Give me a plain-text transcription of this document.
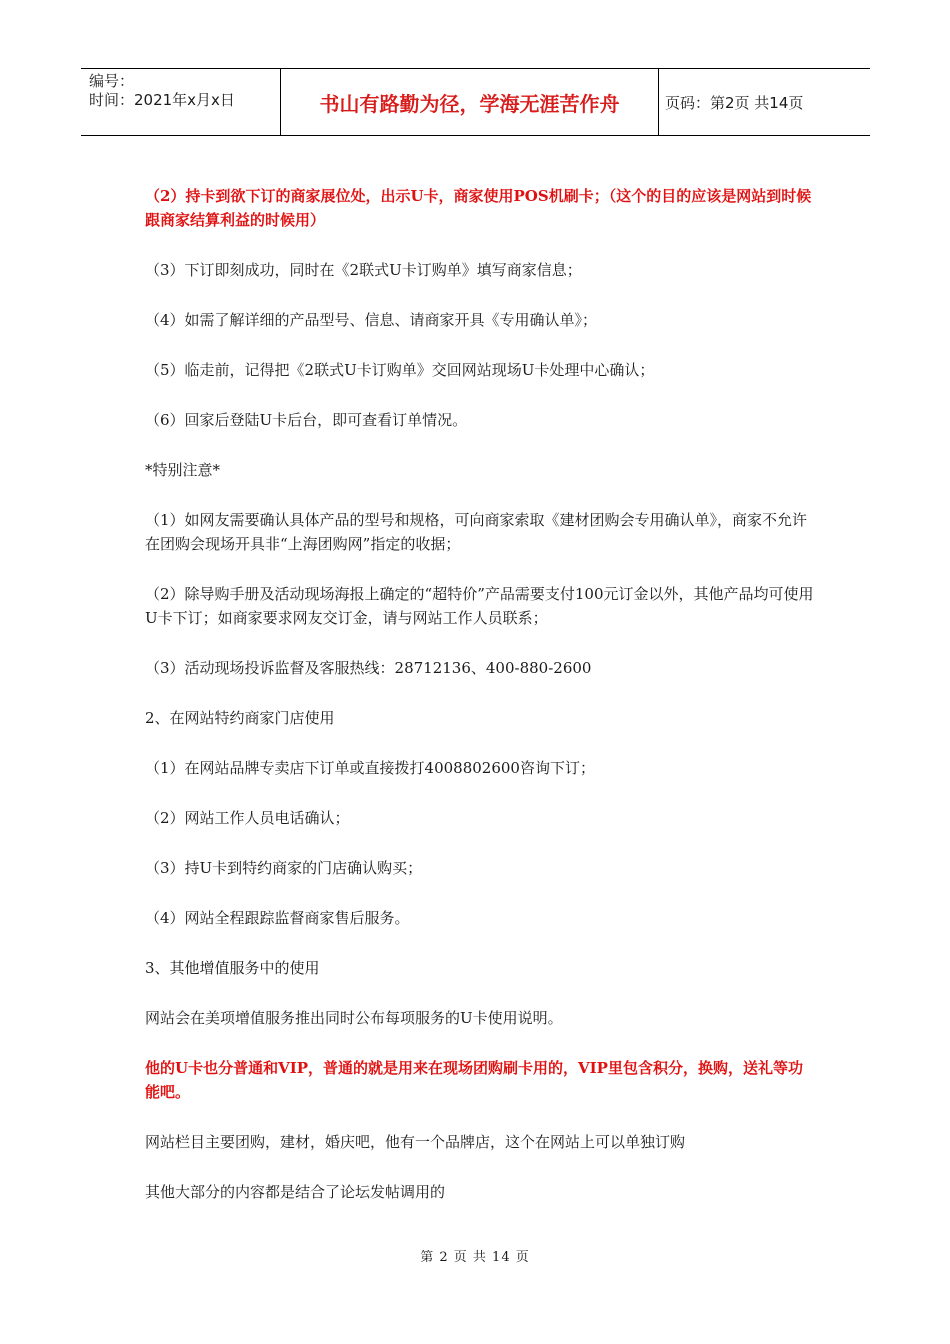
编号：
时间：2021年x月x日	书山有路勤为径，学海无涯苦作舟	页码：第2页 共14页

（2）持卡到欲下订的商家展位处，出示U卡，商家使用POS机刷卡；（这个的目的应该是网站到时候跟商家结算利益的时候用）

（3）下订即刻成功，同时在《2联式U卡订购单》填写商家信息；

（4）如需了解详细的产品型号、信息、请商家开具《专用确认单》；

（5）临走前，记得把《2联式U卡订购单》交回网站现场U卡处理中心确认；

（6）回家后登陆U卡后台，即可查看订单情况。

*特别注意*

（1）如网友需要确认具体产品的型号和规格，可向商家索取《建材团购会专用确认单》，商家不允许在团购会现场开具非“上海团购网”指定的收据；

（2）除导购手册及活动现场海报上确定的“超特价”产品需要支付100元订金以外，其他产品均可使用U卡下订；如商家要求网友交订金，请与网站工作人员联系；

（3）活动现场投诉监督及客服热线：28712136、400-880-2600

2、在网站特约商家门店使用

（1）在网站品牌专卖店下订单或直接拨打4008802600咨询下订；

（2）网站工作人员电话确认；

（3）持U卡到特约商家的门店确认购买；

（4）网站全程跟踪监督商家售后服务。

3、其他增值服务中的使用

网站会在美项增值服务推出同时公布每项服务的U卡使用说明。

他的U卡也分普通和VIP，普通的就是用来在现场团购刷卡用的，VIP里包含积分，换购，送礼等功能吧。

网站栏目主要团购，建材，婚庆吧，他有一个品牌店，这个在网站上可以单独订购

其他大部分的内容都是结合了论坛发帖调用的

第 2 页 共 14 页
